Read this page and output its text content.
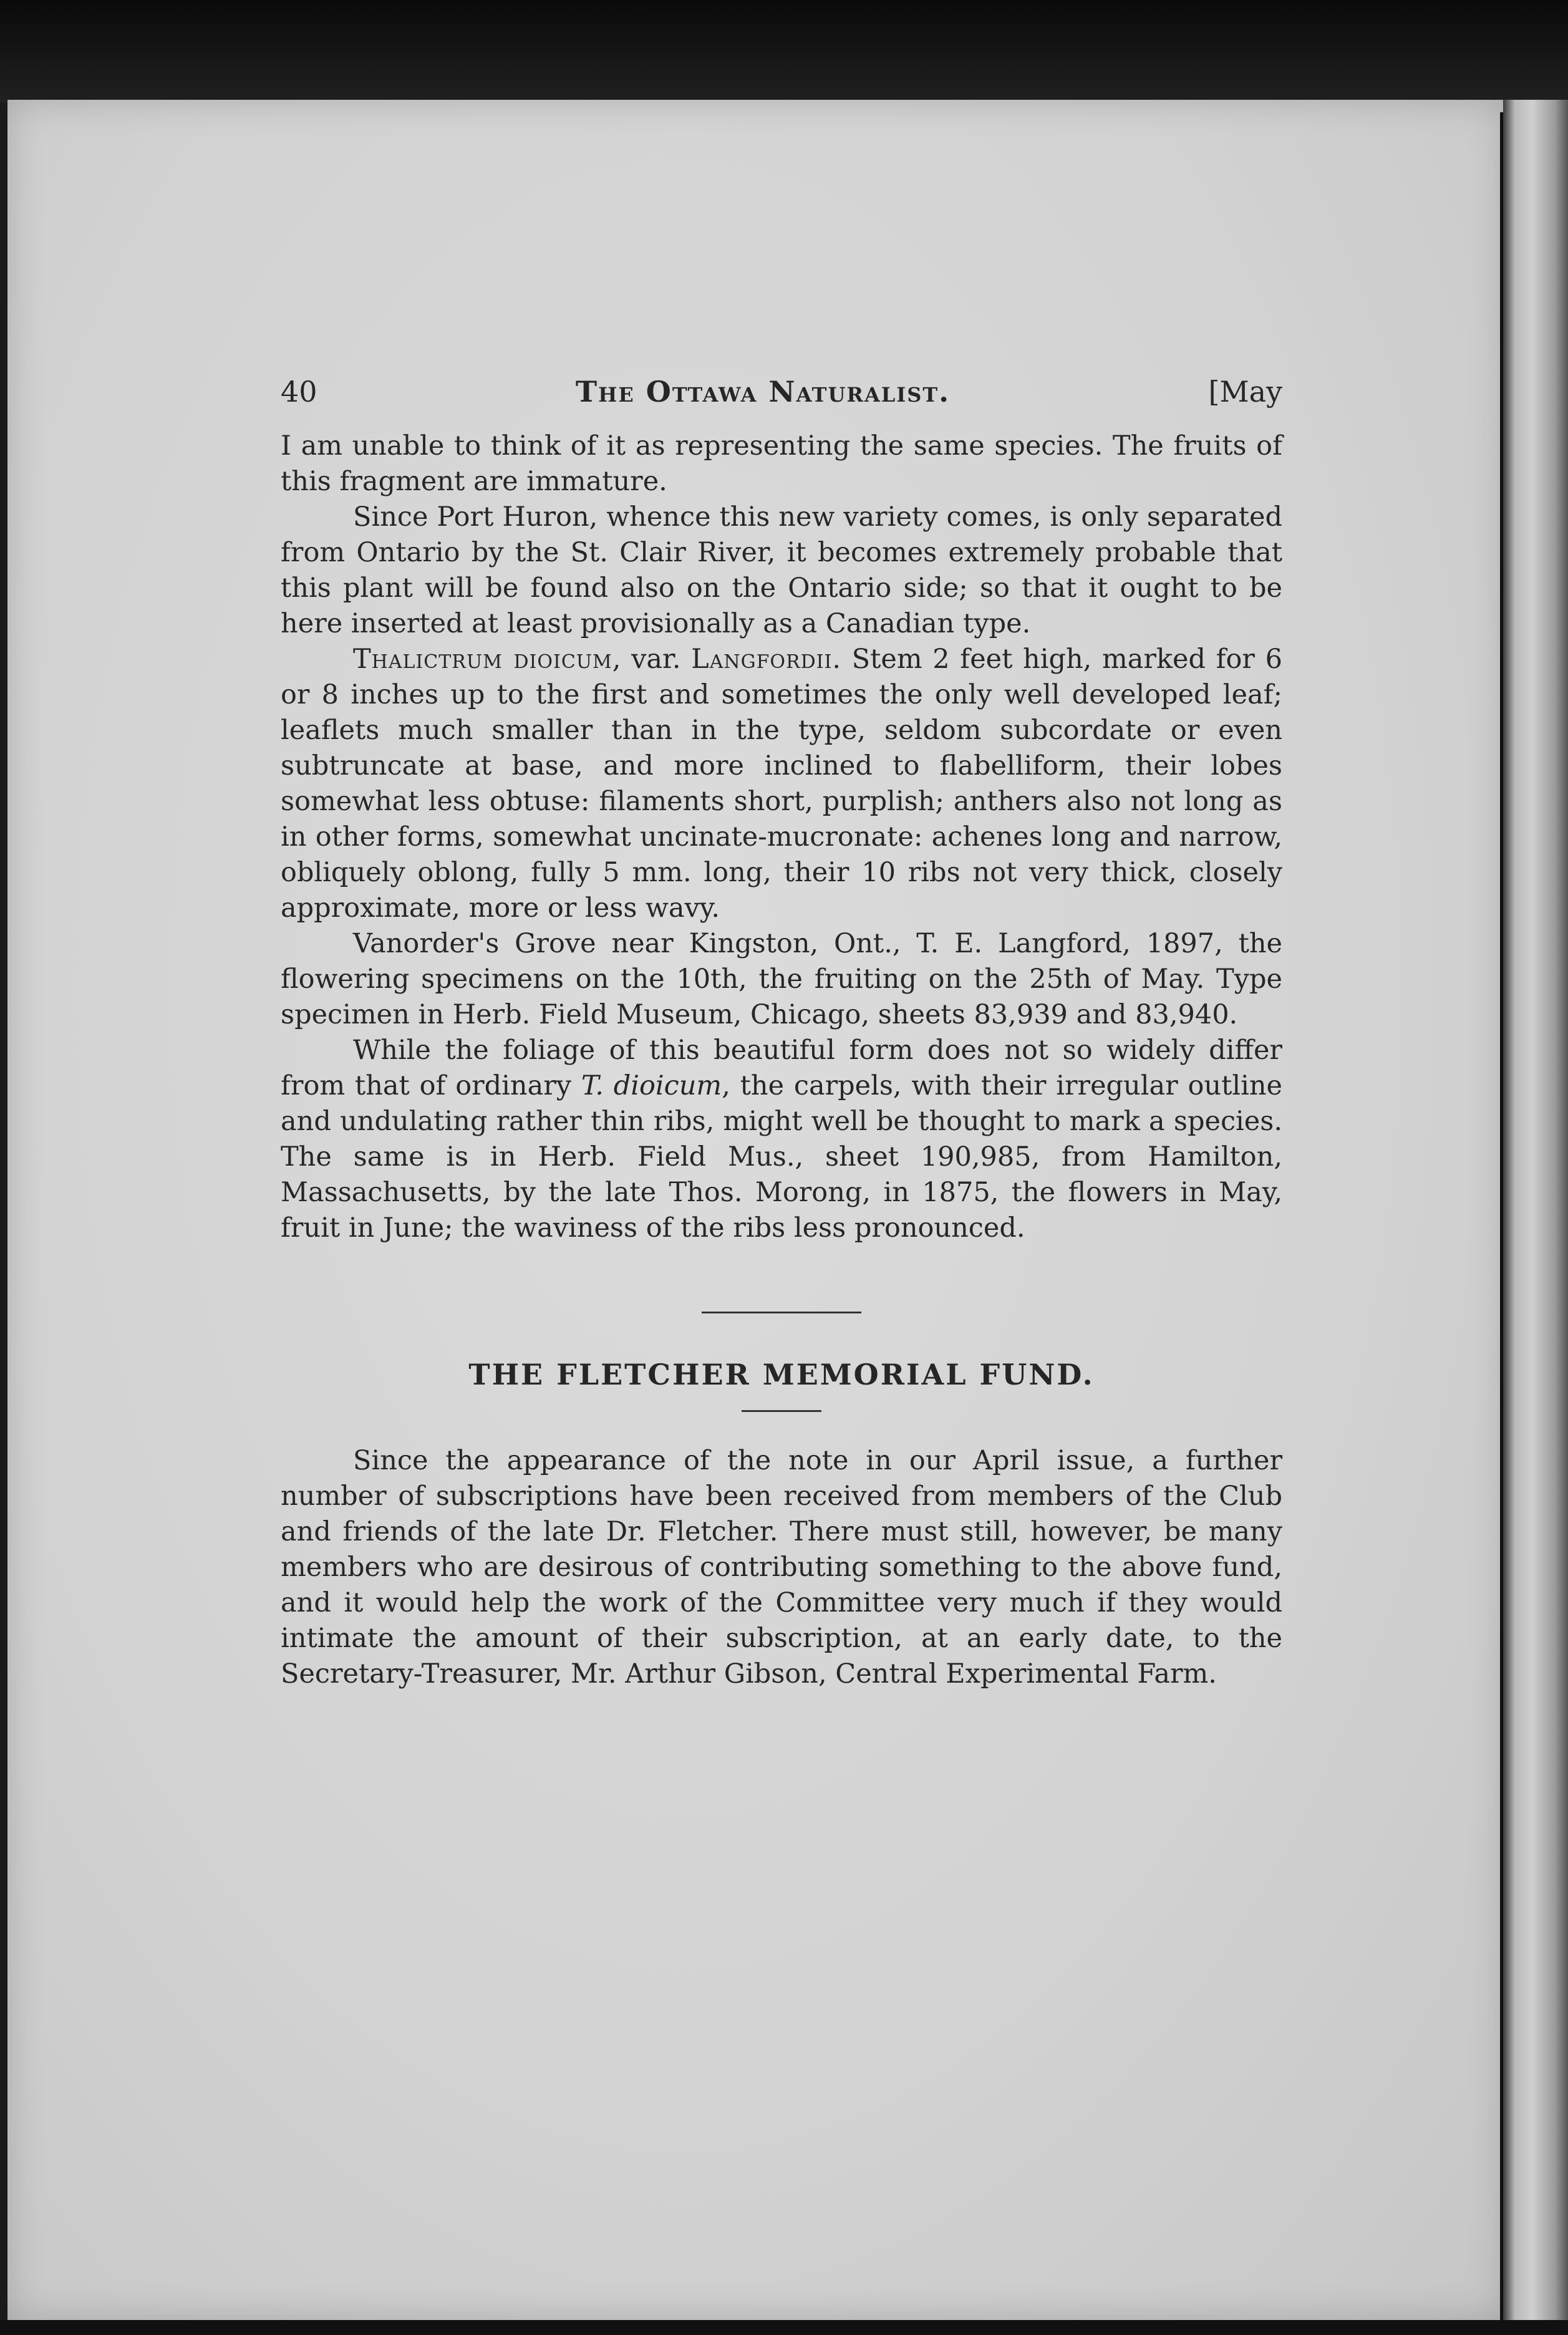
40	The Ottawa Naturalist.	[May

I am unable to think of it as representing the same species. The fruits of this fragment are immature.

Since Port Huron, whence this new variety comes, is only separated from Ontario by the St. Clair River, it becomes extremely probable that this plant will be found also on the Ontario side; so that it ought to be here inserted at least provisionally as a Canadian type.

Thalictrum dioicum, var. Langfordii. Stem 2 feet high, marked for 6 or 8 inches up to the first and sometimes the only well developed leaf; leaflets much smaller than in the type, seldom subcordate or even subtruncate at base, and more inclined to flabelliform, their lobes somewhat less obtuse: filaments short, purplish; anthers also not long as in other forms, somewhat uncinate-mucronate: achenes long and narrow, obliquely oblong, fully 5 mm. long, their 10 ribs not very thick, closely approximate, more or less wavy.

Vanorder's Grove near Kingston, Ont., T. E. Langford, 1897, the flowering specimens on the 10th, the fruiting on the 25th of May. Type specimen in Herb. Field Museum, Chicago, sheets 83,939 and 83,940.

While the foliage of this beautiful form does not so widely differ from that of ordinary T. dioicum, the carpels, with their irregular outline and undulating rather thin ribs, might well be thought to mark a species. The same is in Herb. Field Mus., sheet 190,985, from Hamilton, Massachusetts, by the late Thos. Morong, in 1875, the flowers in May, fruit in June; the waviness of the ribs less pronounced.

THE FLETCHER MEMORIAL FUND.

Since the appearance of the note in our April issue, a further number of subscriptions have been received from members of the Club and friends of the late Dr. Fletcher. There must still, however, be many members who are desirous of contributing something to the above fund, and it would help the work of the Committee very much if they would intimate the amount of their subscription, at an early date, to the Secretary-Treasurer, Mr. Arthur Gibson, Central Experimental Farm.
